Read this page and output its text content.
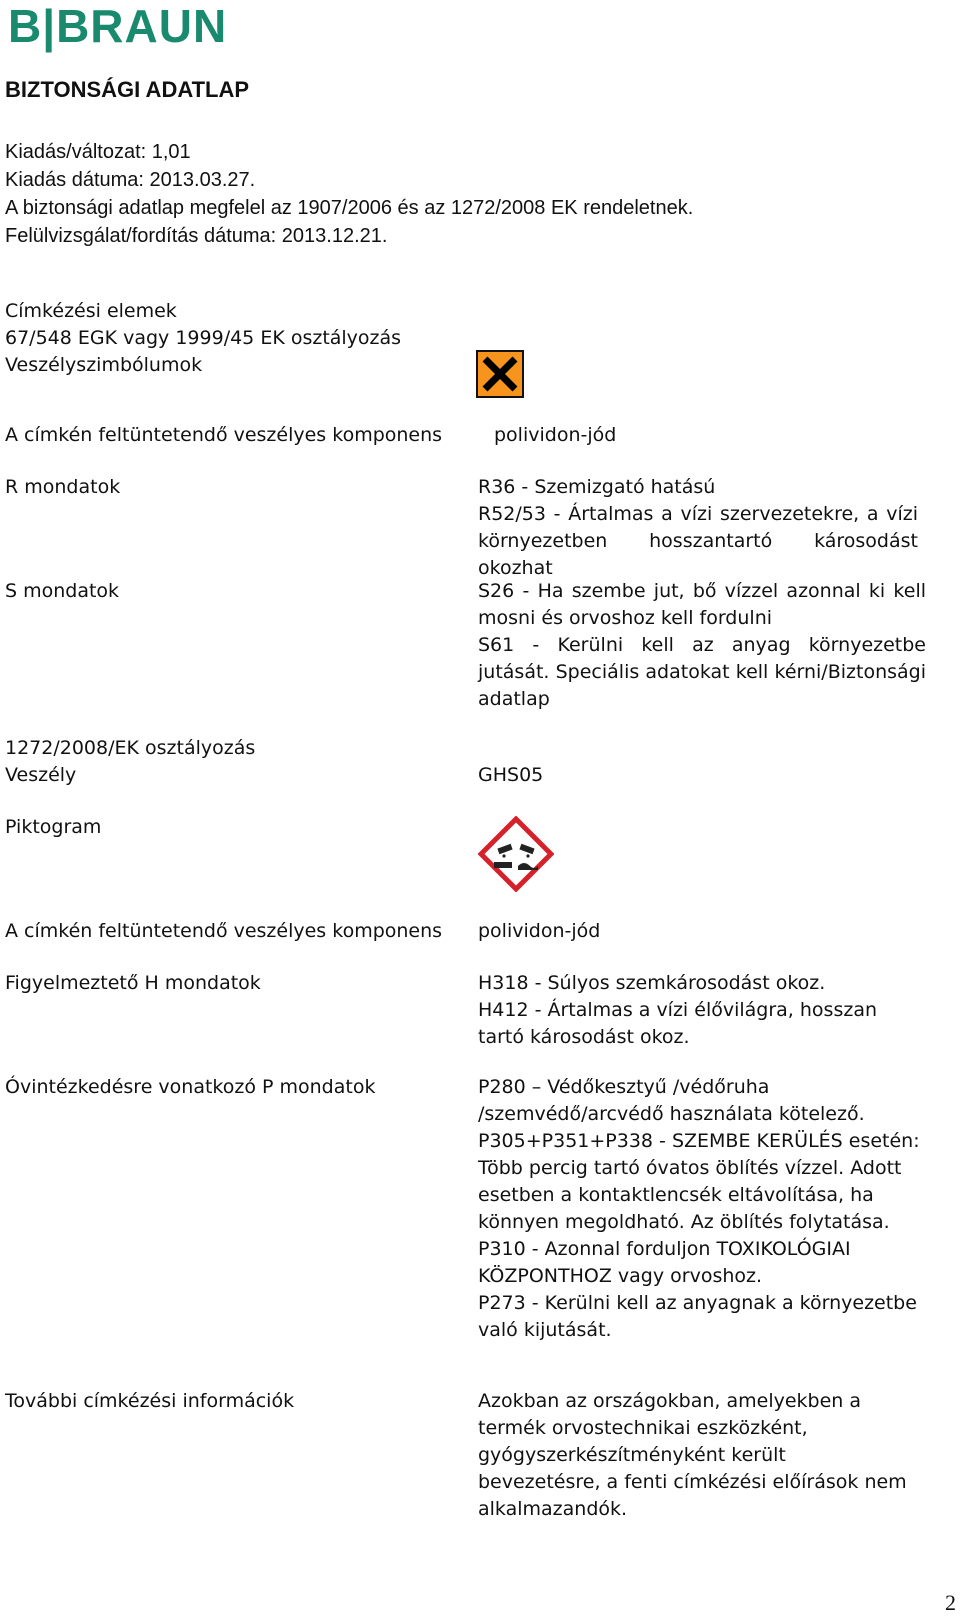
B|BRAUN
BIZTONSÁGI ADATLAP
Kiadás/változat: 1,01
Kiadás dátuma: 2013.03.27.
A biztonsági adatlap megfelel az 1907/2006 és az 1272/2008 EK rendeletnek.
Felülvizsgálat/fordítás dátuma: 2013.12.21.
Címkézési elemek
67/548 EGK vagy 1999/45 EK osztályozás
Veszélyszimbólumok
A címkén feltüntetendő veszélyes komponens	polividon-jód
R mondatok	R36 - Szemizgató hatású
R52/53 - Ártalmas a vízi szervezetekre, a vízi környezetben hosszantartó károsodást okozhat
S mondatok	S26 - Ha szembe jut, bő vízzel azonnal ki kell mosni és orvoshoz kell fordulni
S61 - Kerülni kell az anyag környezetbe jutását. Speciális adatokat kell kérni/Biztonsági adatlap
1272/2008/EK osztályozás
Veszély	GHS05
Piktogram
A címkén feltüntetendő veszélyes komponens	polividon-jód
Figyelmeztető H mondatok	H318 - Súlyos szemkárosodást okoz.
H412 - Ártalmas a vízi élővilágra, hosszan tartó károsodást okoz.
Óvintézkedésre vonatkozó P mondatok	P280 – Védőkesztyű /védőruha /szemvédő/arcvédő használata kötelező.
P305+P351+P338 - SZEMBE KERÜLÉS esetén: Több percig tartó óvatos öblítés vízzel. Adott esetben a kontaktlencsék eltávolítása, ha könnyen megoldható. Az öblítés folytatása.
P310 - Azonnal forduljon TOXIKOLÓGIAI KÖZPONTHOZ vagy orvoshoz.
P273 - Kerülni kell az anyagnak a környezetbe való kijutását.
További címkézési információk	Azokban az országokban, amelyekben a termék orvostechnikai eszközként, gyógyszerkészítményként került bevezetésre, a fenti címkézési előírások nem alkalmazandók.
2
